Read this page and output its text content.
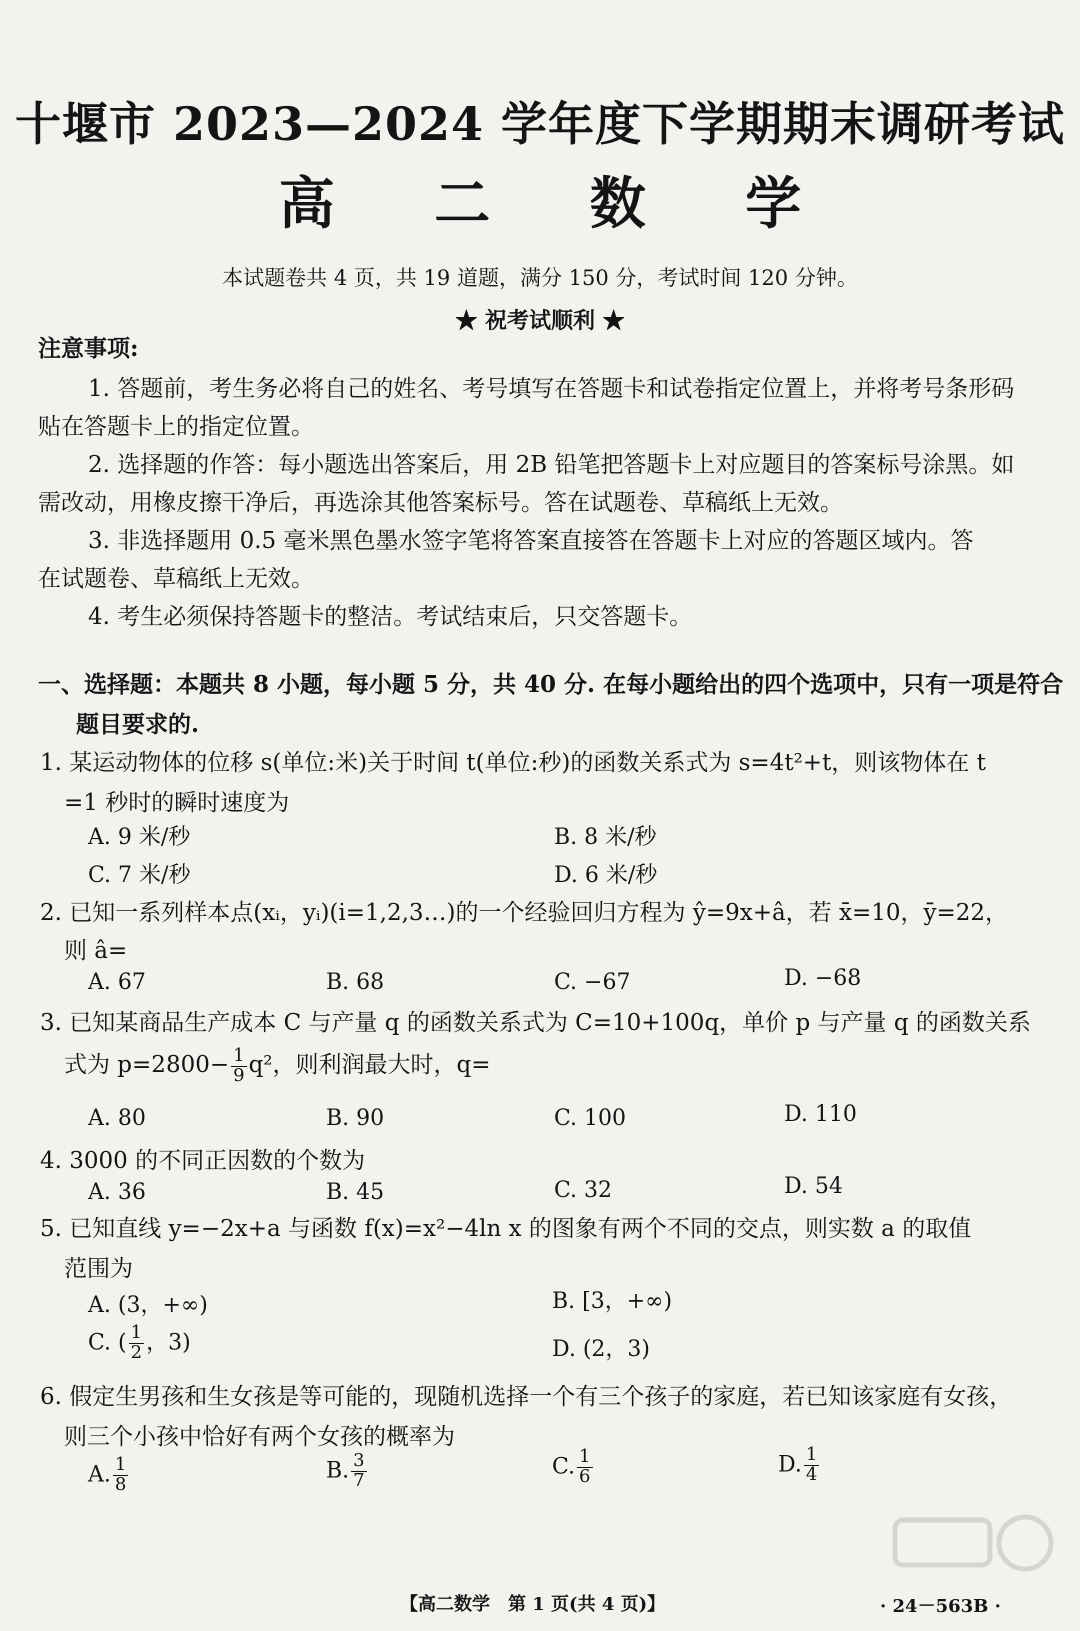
十堰市 2023—2024 学年度下学期期末调研考试
高 二 数 学
本试题卷共 4 页，共 19 道题，满分 150 分，考试时间 120 分钟。
★ 祝考试顺利 ★
注意事项:
1. 答题前，考生务必将自己的姓名、考号填写在答题卡和试卷指定位置上，并将考号条形码
贴在答题卡上的指定位置。
2. 选择题的作答：每小题选出答案后，用 2B 铅笔把答题卡上对应题目的答案标号涂黑。如
需改动，用橡皮擦干净后，再选涂其他答案标号。答在试题卷、草稿纸上无效。
3. 非选择题用 0.5 毫米黑色墨水签字笔将答案直接答在答题卡上对应的答题区域内。答
在试题卷、草稿纸上无效。
4. 考生必须保持答题卡的整洁。考试结束后，只交答题卡。
一、选择题：本题共 8 小题，每小题 5 分，共 40 分. 在每小题给出的四个选项中，只有一项是符合
题目要求的.
1. 某运动物体的位移 s(单位:米)关于时间 t(单位:秒)的函数关系式为 s=4t²+t，则该物体在 t
=1 秒时的瞬时速度为
A. 9 米/秒	B. 8 米/秒
C. 7 米/秒	D. 6 米/秒
2. 已知一系列样本点(xᵢ，yᵢ)(i=1,2,3…)的一个经验回归方程为 ŷ=9x+â，若 x̄=10，ȳ=22，
则 â=
A. 67	B. 68	C. −67	D. −68
3. 已知某商品生产成本 C 与产量 q 的函数关系式为 C=10+100q，单价 p 与产量 q 的函数关系
式为 $p=2800- \frac{1}{9} q^2$，则利润最大时，q=
A. 80	B. 90	C. 100	D. 110
4. 3000 的不同正因数的个数为
A. 36	B. 45	C. 32	D. 54
5. 已知直线 y=−2x+a 与函数 f(x)=x²−4ln x 的图象有两个不同的交点，则实数 a 的取值
范围为
A. (3，+∞)	B. [3，+∞)
C. ( $\frac{1}{2}$ ，3)	D. (2，3)
6. 假定生男孩和生女孩是等可能的，现随机选择一个有三个孩子的家庭，若已知该家庭有女孩，
则三个小孩中恰好有两个女孩的概率为
A. $\frac{1}{8}$	B. $\frac{3}{7}$	C. $\frac{1}{6}$	D. $\frac{1}{4}$
【高二数学　第 1 页(共 4 页)】	· 24－563B ·
